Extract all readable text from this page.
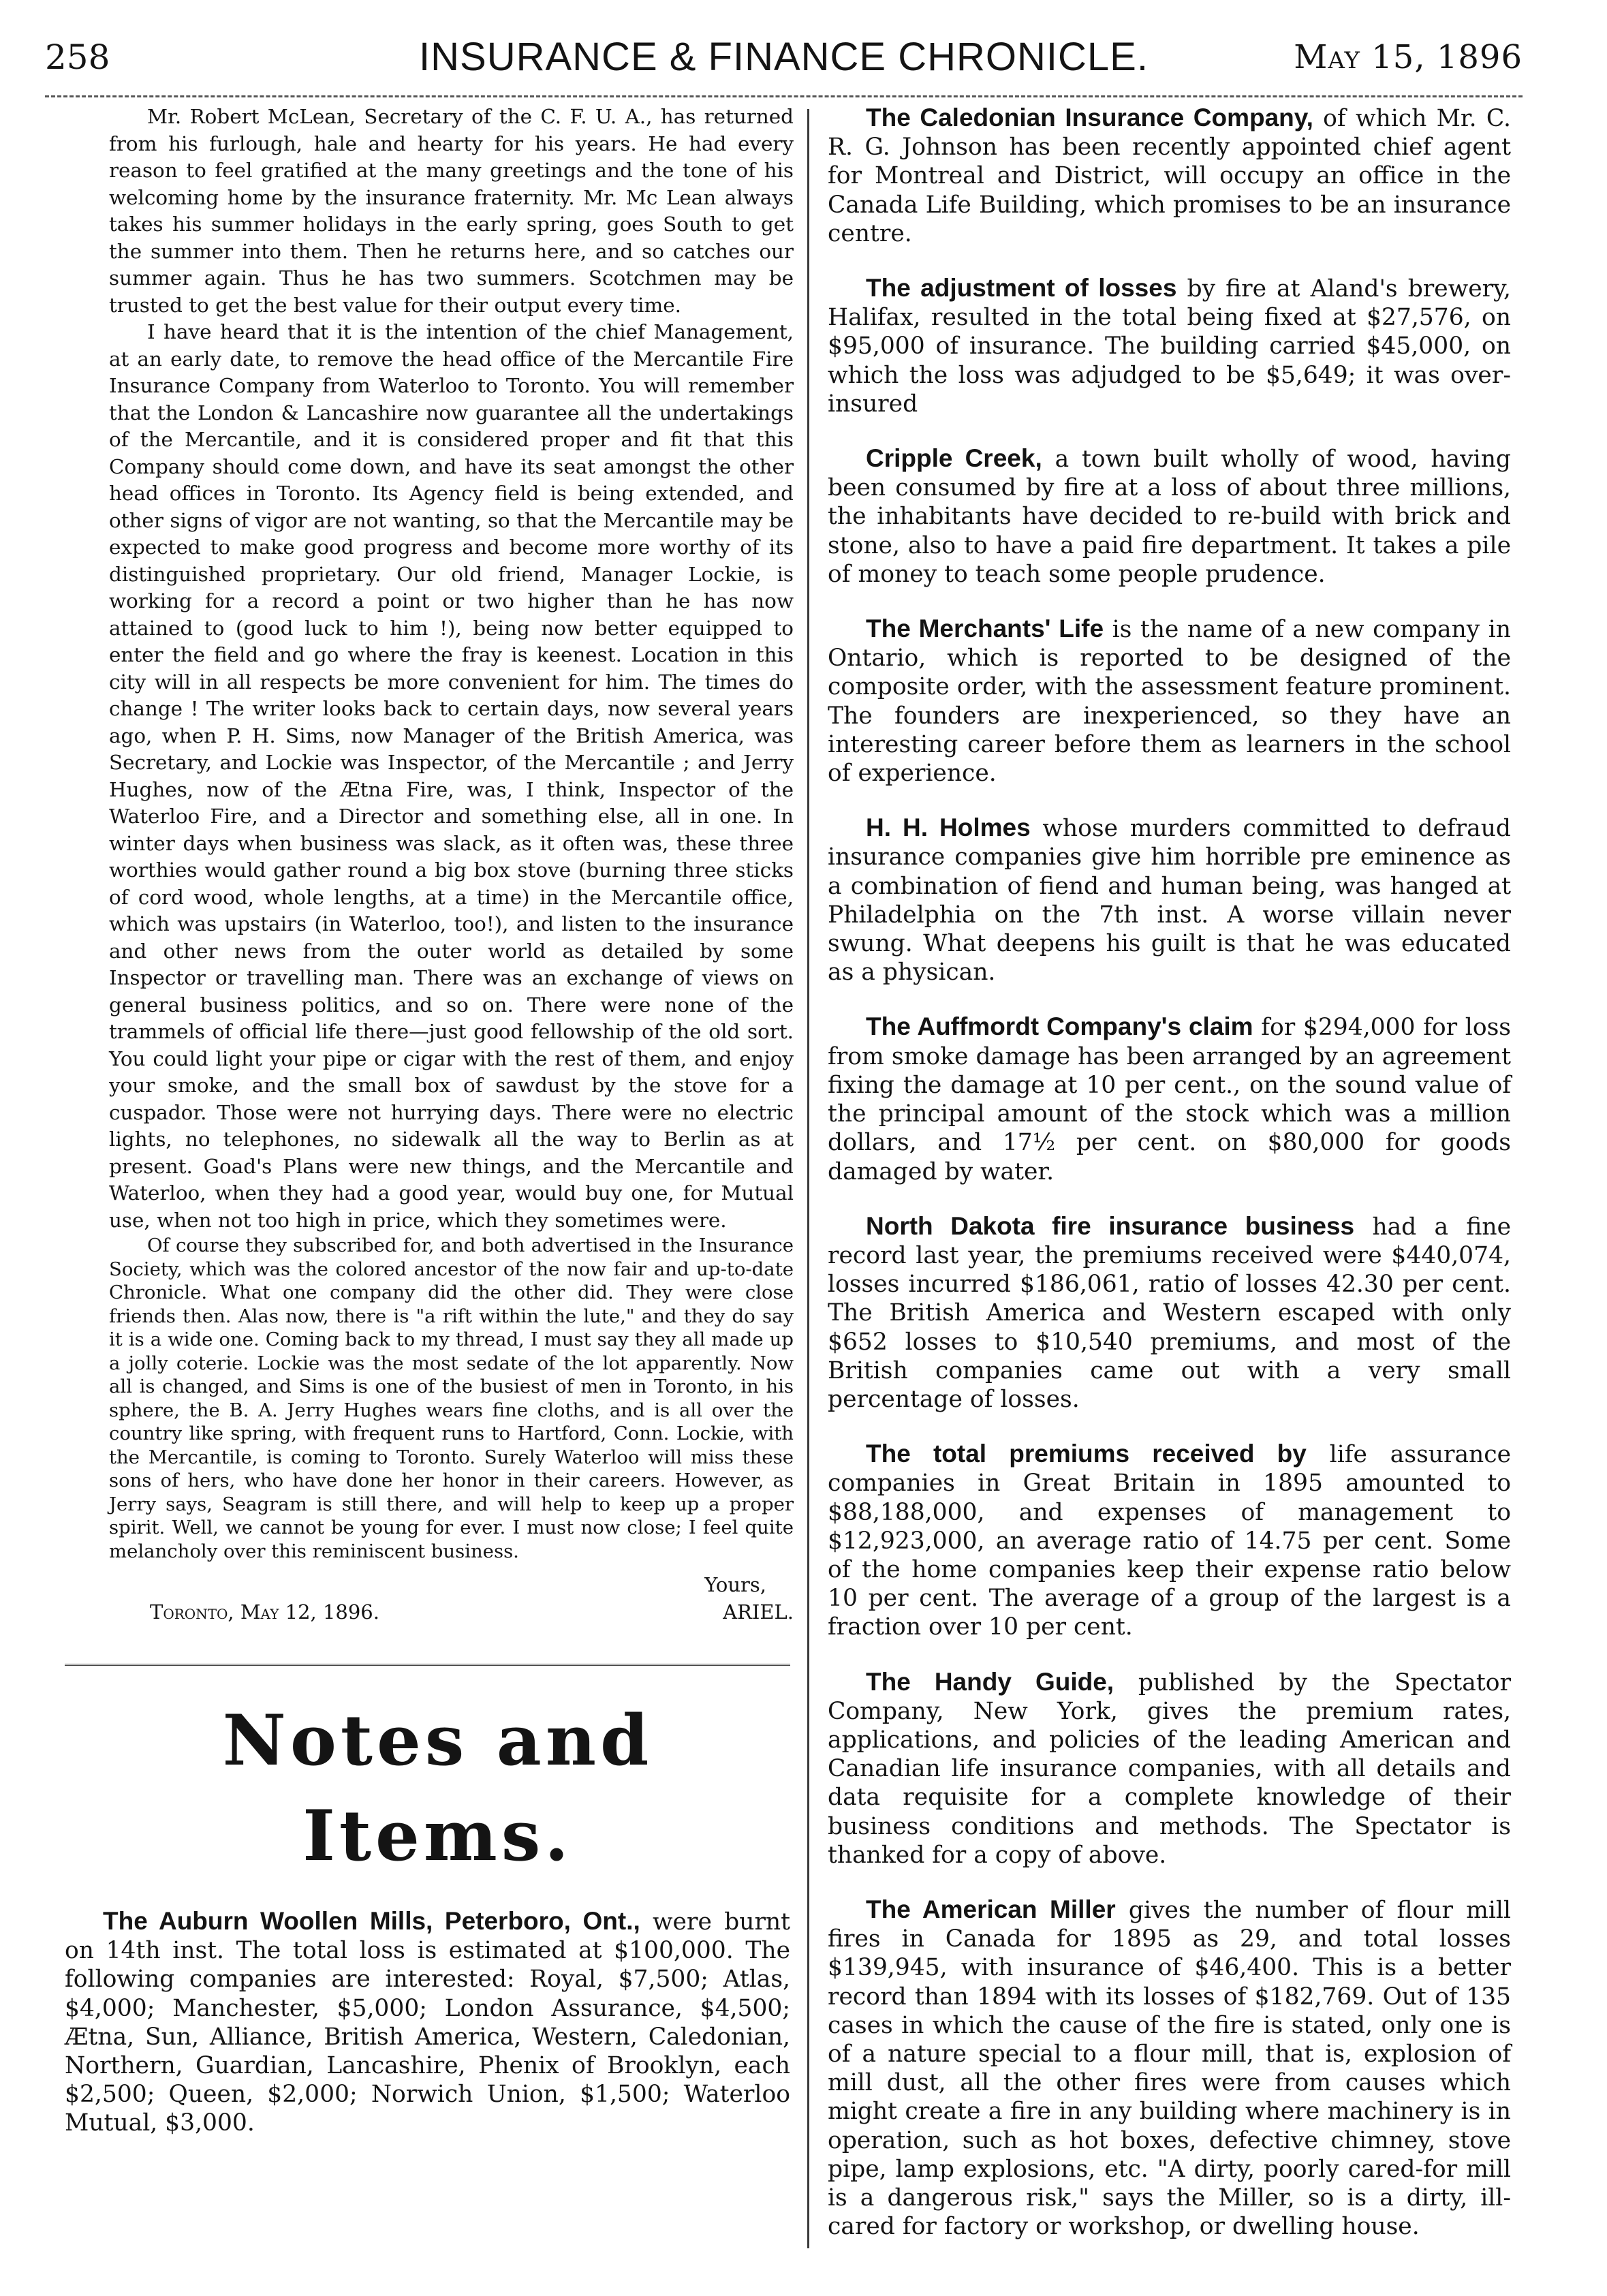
258	INSURANCE & FINANCE CHRONICLE.	May 15, 1896

Mr. Robert McLean, Secretary of the C. F. U. A., has returned from his furlough, hale and hearty for his years. He had every reason to feel gratified at the many greetings and the tone of his welcoming home by the insurance fraternity. Mr. Mc Lean always takes his summer holidays in the early spring, goes South to get the summer into them. Then he returns here, and so catches our summer again. Thus he has two summers. Scotchmen may be trusted to get the best value for their output every time.

I have heard that it is the intention of the chief Management, at an early date, to remove the head office of the Mercantile Fire Insurance Company from Waterloo to Toronto. You will remember that the London & Lancashire now guarantee all the undertakings of the Mercantile, and it is considered proper and fit that this Company should come down, and have its seat amongst the other head offices in Toronto. Its Agency field is being extended, and other signs of vigor are not wanting, so that the Mercantile may be expected to make good progress and become more worthy of its distinguished proprietary. Our old friend, Manager Lockie, is working for a record a point or two higher than he has now attained to (good luck to him !), being now better equipped to enter the field and go where the fray is keenest. Location in this city will in all respects be more convenient for him. The times do change ! The writer looks back to certain days, now several years ago, when P. H. Sims, now Manager of the British America, was Secretary, and Lockie was Inspector, of the Mercantile ; and Jerry Hughes, now of the Ætna Fire, was, I think, Inspector of the Waterloo Fire, and a Director and something else, all in one. In winter days when business was slack, as it often was, these three worthies would gather round a big box stove (burning three sticks of cord wood, whole lengths, at a time) in the Mercantile office, which was upstairs (in Waterloo, too!), and listen to the insurance and other news from the outer world as detailed by some Inspector or travelling man. There was an exchange of views on general business politics, and so on. There were none of the trammels of official life there—just good fellowship of the old sort. You could light your pipe or cigar with the rest of them, and enjoy your smoke, and the small box of sawdust by the stove for a cuspador. Those were not hurrying days. There were no electric lights, no telephones, no sidewalk all the way to Berlin as at present. Goad's Plans were new things, and the Mercantile and Waterloo, when they had a good year, would buy one, for Mutual use, when not too high in price, which they sometimes were.

Of course they subscribed for, and both advertised in the Insurance Society, which was the colored ancestor of the now fair and up-to-date Chronicle. What one company did the other did. They were close friends then. Alas now, there is "a rift within the lute," and they do say it is a wide one. Coming back to my thread, I must say they all made up a jolly coterie. Lockie was the most sedate of the lot apparently. Now all is changed, and Sims is one of the busiest of men in Toronto, in his sphere, the B. A. Jerry Hughes wears fine cloths, and is all over the country like spring, with frequent runs to Hartford, Conn. Lockie, with the Mercantile, is coming to Toronto. Surely Waterloo will miss these sons of hers, who have done her honor in their careers. However, as Jerry says, Seagram is still there, and will help to keep up a proper spirit. Well, we cannot be young for ever. I must now close; I feel quite melancholy over this reminiscent business.

Yours,

Toronto, May 12, 1896.	ARIEL.
Notes and Items.

The Auburn Woollen Mills, Peterboro, Ont., were burnt on 14th inst. The total loss is estimated at $100,000. The following companies are interested: Royal, $7,500; Atlas, $4,000; Manchester, $5,000; London Assurance, $4,500; Ætna, Sun, Alliance, British America, Western, Caledonian, Northern, Guardian, Lancashire, Phenix of Brooklyn, each $2,500; Queen, $2,000; Norwich Union, $1,500; Waterloo Mutual, $3,000.

The Caledonian Insurance Company, of which Mr. C. R. G. Johnson has been recently appointed chief agent for Montreal and District, will occupy an office in the Canada Life Building, which promises to be an insurance centre.

The adjustment of losses by fire at Aland's brewery, Halifax, resulted in the total being fixed at $27,576, on $95,000 of insurance. The building carried $45,000, on which the loss was adjudged to be $5,649; it was over-insured

Cripple Creek, a town built wholly of wood, having been consumed by fire at a loss of about three millions, the inhabitants have decided to re-build with brick and stone, also to have a paid fire department. It takes a pile of money to teach some people prudence.

The Merchants' Life is the name of a new company in Ontario, which is reported to be designed of the composite order, with the assessment feature prominent. The founders are inexperienced, so they have an interesting career before them as learners in the school of experience.

H. H. Holmes whose murders committed to defraud insurance companies give him horrible pre eminence as a combination of fiend and human being, was hanged at Philadelphia on the 7th inst. A worse villain never swung. What deepens his guilt is that he was educated as a physican.

The Auffmordt Company's claim for $294,000 for loss from smoke damage has been arranged by an agreement fixing the damage at 10 per cent., on the sound value of the principal amount of the stock which was a million dollars, and 17½ per cent. on $80,000 for goods damaged by water.

North Dakota fire insurance business had a fine record last year, the premiums received were $440,074, losses incurred $186,061, ratio of losses 42.30 per cent. The British America and Western escaped with only $652 losses to $10,540 premiums, and most of the British companies came out with a very small percentage of losses.

The total premiums received by life assurance companies in Great Britain in 1895 amounted to $88,188,000, and expenses of management to $12,923,000, an average ratio of 14.75 per cent. Some of the home companies keep their expense ratio below 10 per cent. The average of a group of the largest is a fraction over 10 per cent.

The Handy Guide, published by the Spectator Company, New York, gives the premium rates, applications, and policies of the leading American and Canadian life insurance companies, with all details and data requisite for a complete knowledge of their business conditions and methods. The Spectator is thanked for a copy of above.

The American Miller gives the number of flour mill fires in Canada for 1895 as 29, and total losses $139,945, with insurance of $46,400. This is a better record than 1894 with its losses of $182,769. Out of 135 cases in which the cause of the fire is stated, only one is of a nature special to a flour mill, that is, explosion of mill dust, all the other fires were from causes which might create a fire in any building where machinery is in operation, such as hot boxes, defective chimney, stove pipe, lamp explosions, etc. "A dirty, poorly cared-for mill is a dangerous risk," says the Miller, so is a dirty, ill-cared for factory or workshop, or dwelling house.
